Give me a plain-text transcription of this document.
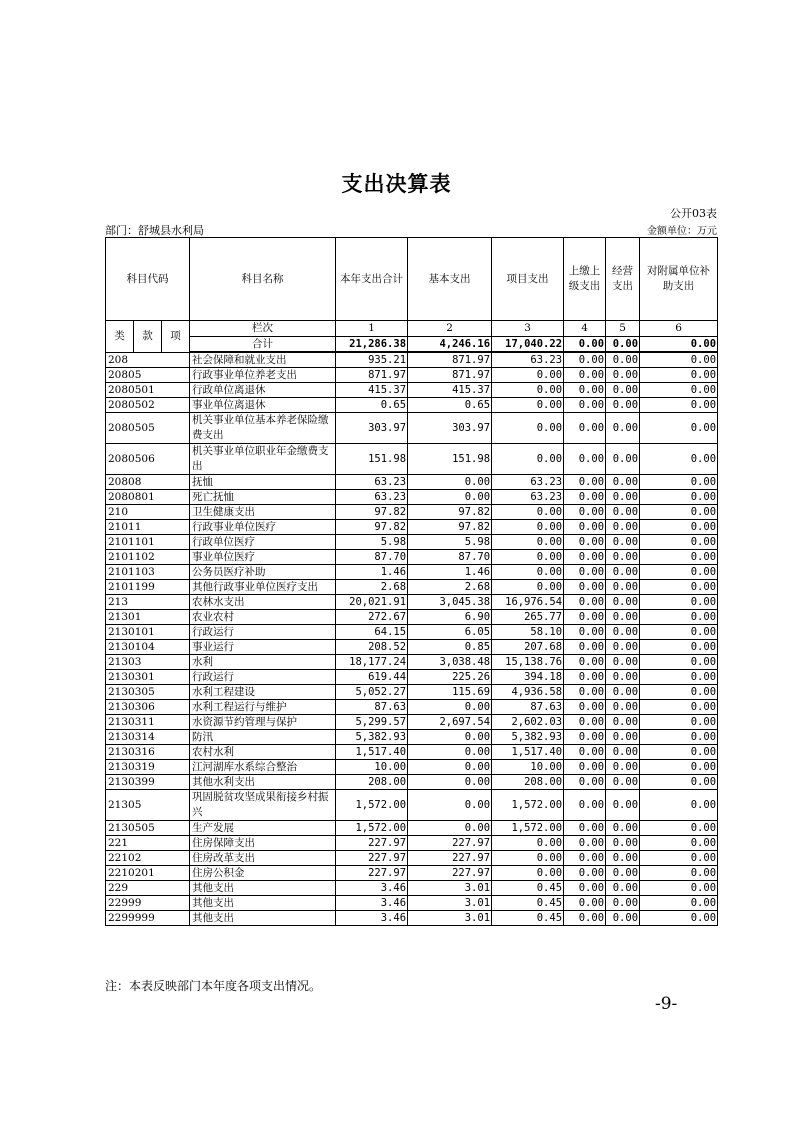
支出决算表
公开03表
部门：舒城县水利局	金额单位：万元
科目代码			科目名称	本年支出合计	基本支出	项目支出	上缴上级支出	经营支出	对附属单位补助支出
类	款	项	栏次	1	2	3	4	5	6
			合计	21,286.38	4,246.16	17,040.22	0.00	0.00	0.00
208			社会保障和就业支出	935.21	871.97	63.23	0.00	0.00	0.00
20805			行政事业单位养老支出	871.97	871.97	0.00	0.00	0.00	0.00
2080501			行政单位离退休	415.37	415.37	0.00	0.00	0.00	0.00
2080502			事业单位离退休	0.65	0.65	0.00	0.00	0.00	0.00
2080505			机关事业单位基本养老保险缴费支出	303.97	303.97	0.00	0.00	0.00	0.00
2080506			机关事业单位职业年金缴费支出	151.98	151.98	0.00	0.00	0.00	0.00
20808			抚恤	63.23	0.00	63.23	0.00	0.00	0.00
2080801			死亡抚恤	63.23	0.00	63.23	0.00	0.00	0.00
210			卫生健康支出	97.82	97.82	0.00	0.00	0.00	0.00
21011			行政事业单位医疗	97.82	97.82	0.00	0.00	0.00	0.00
2101101			行政单位医疗	5.98	5.98	0.00	0.00	0.00	0.00
2101102			事业单位医疗	87.70	87.70	0.00	0.00	0.00	0.00
2101103			公务员医疗补助	1.46	1.46	0.00	0.00	0.00	0.00
2101199			其他行政事业单位医疗支出	2.68	2.68	0.00	0.00	0.00	0.00
213			农林水支出	20,021.91	3,045.38	16,976.54	0.00	0.00	0.00
21301			农业农村	272.67	6.90	265.77	0.00	0.00	0.00
2130101			行政运行	64.15	6.05	58.10	0.00	0.00	0.00
2130104			事业运行	208.52	0.85	207.68	0.00	0.00	0.00
21303			水利	18,177.24	3,038.48	15,138.76	0.00	0.00	0.00
2130301			行政运行	619.44	225.26	394.18	0.00	0.00	0.00
2130305			水利工程建设	5,052.27	115.69	4,936.58	0.00	0.00	0.00
2130306			水利工程运行与维护	87.63	0.00	87.63	0.00	0.00	0.00
2130311			水资源节约管理与保护	5,299.57	2,697.54	2,602.03	0.00	0.00	0.00
2130314			防汛	5,382.93	0.00	5,382.93	0.00	0.00	0.00
2130316			农村水利	1,517.40	0.00	1,517.40	0.00	0.00	0.00
2130319			江河湖库水系综合整治	10.00	0.00	10.00	0.00	0.00	0.00
2130399			其他水利支出	208.00	0.00	208.00	0.00	0.00	0.00
21305			巩固脱贫攻坚成果衔接乡村振兴	1,572.00	0.00	1,572.00	0.00	0.00	0.00
2130505			生产发展	1,572.00	0.00	1,572.00	0.00	0.00	0.00
221			住房保障支出	227.97	227.97	0.00	0.00	0.00	0.00
22102			住房改革支出	227.97	227.97	0.00	0.00	0.00	0.00
2210201			住房公积金	227.97	227.97	0.00	0.00	0.00	0.00
229			其他支出	3.46	3.01	0.45	0.00	0.00	0.00
22999			其他支出	3.46	3.01	0.45	0.00	0.00	0.00
2299999			其他支出	3.46	3.01	0.45	0.00	0.00	0.00
注：本表反映部门本年度各项支出情况。
-9-
